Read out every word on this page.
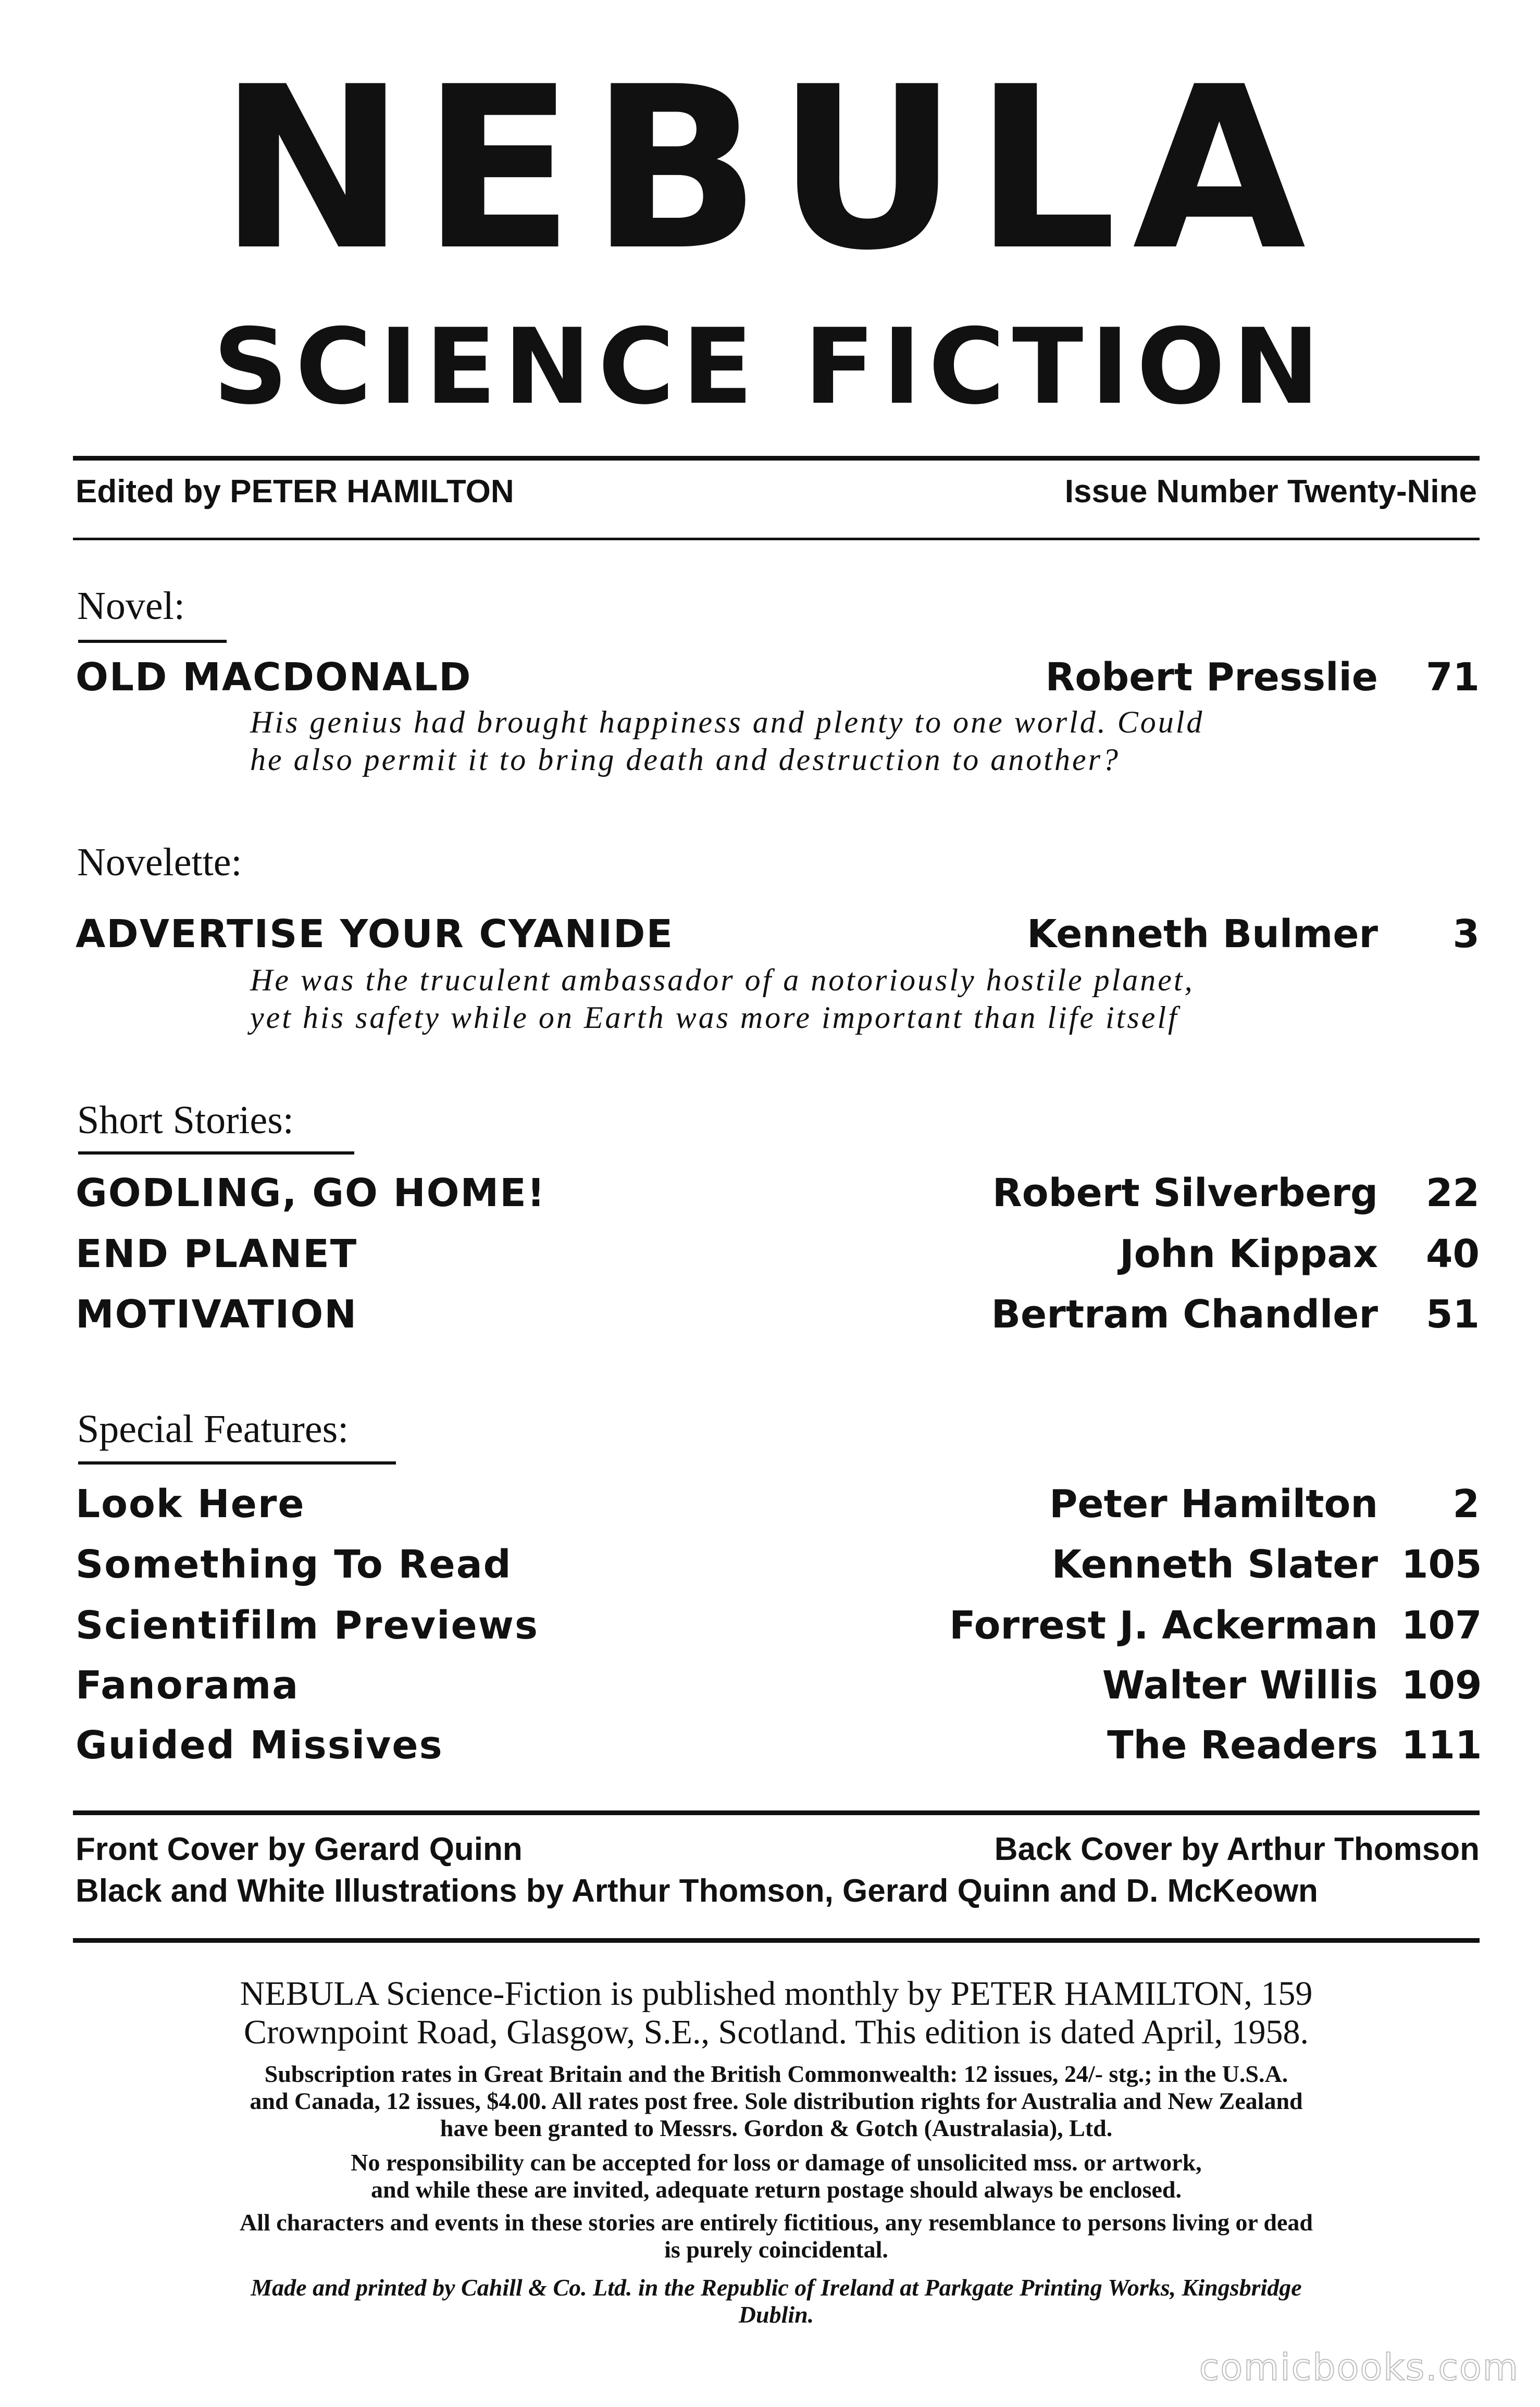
NEBULA
SCIENCE FICTION
Edited by PETER HAMILTON	Issue Number Twenty-Nine
Novel:
OLD MACDONALD	Robert Presslie	71
His genius had brought happiness and plenty to one world. Could
he also permit it to bring death and destruction to another?
Novelette:
ADVERTISE YOUR CYANIDE	Kenneth Bulmer	3
He was the truculent ambassador of a notoriously hostile planet,
yet his safety while on Earth was more important than life itself
Short Stories:
GODLING, GO HOME!	Robert Silverberg	22
END PLANET	John Kippax	40
MOTIVATION	Bertram Chandler	51
Special Features:
Look Here	Peter Hamilton	2
Something To Read	Kenneth Slater 105
Scientifilm Previews	Forrest J. Ackerman 107
Fanorama	Walter Willis 109
Guided Missives	The Readers 111
Front Cover by Gerard Quinn	Back Cover by Arthur Thomson
Black and White Illustrations by Arthur Thomson, Gerard Quinn and D. McKeown
NEBULA Science-Fiction is published monthly by PETER HAMILTON, 159
Crownpoint Road, Glasgow, S.E., Scotland. This edition is dated April, 1958.
Subscription rates in Great Britain and the British Commonwealth: 12 issues, 24/- stg.; in the U.S.A.
and Canada, 12 issues, $4.00. All rates post free. Sole distribution rights for Australia and New Zealand
have been granted to Messrs. Gordon & Gotch (Australasia), Ltd.
No responsibility can be accepted for loss or damage of unsolicited mss. or artwork,
and while these are invited, adequate return postage should always be enclosed.
All characters and events in these stories are entirely fictitious, any resemblance to persons living or dead
is purely coincidental.
Made and printed by Cahill & Co. Ltd. in the Republic of Ireland at Parkgate Printing Works, Kingsbridge
Dublin.
comicbooks.com
